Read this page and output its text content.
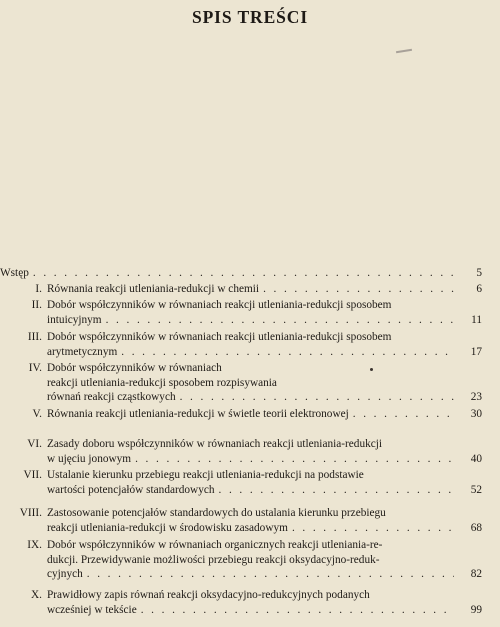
SPIS TREŚCI
Wstęp . . .	5
I. Równania reakcji utleniania-redukcji w chemii . . .	6
II. Dobór współczynników w równaniach reakcji utleniania-redukcji sposobem
intuicyjnym . . .	11
III. Dobór współczynników w równaniach reakcji utleniania-redukcji sposobem
arytmetycznym . . .	17
IV. Dobór współczynników w równaniach
reakcji utleniania-redukcji sposobem rozpisywania
równań reakcji cząstkowych . . .	23
V. Równania reakcji utleniania-redukcji w świetle teorii elektronowej . . .	30
VI. Zasady doboru współczynników w równaniach reakcji utleniania-redukcji
w ujęciu jonowym . . .	40
VII. Ustalanie kierunku przebiegu reakcji utleniania-redukcji na podstawie
wartości potencjałów standardowych . . .	52
VIII. Zastosowanie potencjałów standardowych do ustalania kierunku przebiegu
reakcji utleniania-redukcji w środowisku zasadowym . . .	68
IX. Dobór współczynników w równaniach organicznych reakcji utleniania-re-
dukcji. Przewidywanie możliwości przebiegu reakcji oksydacyjno-reduk-
cyjnych . . .	82
X. Prawidłowy zapis równań reakcji oksydacyjno-redukcyjnych podanych
wcześniej w tekście . . .	99
